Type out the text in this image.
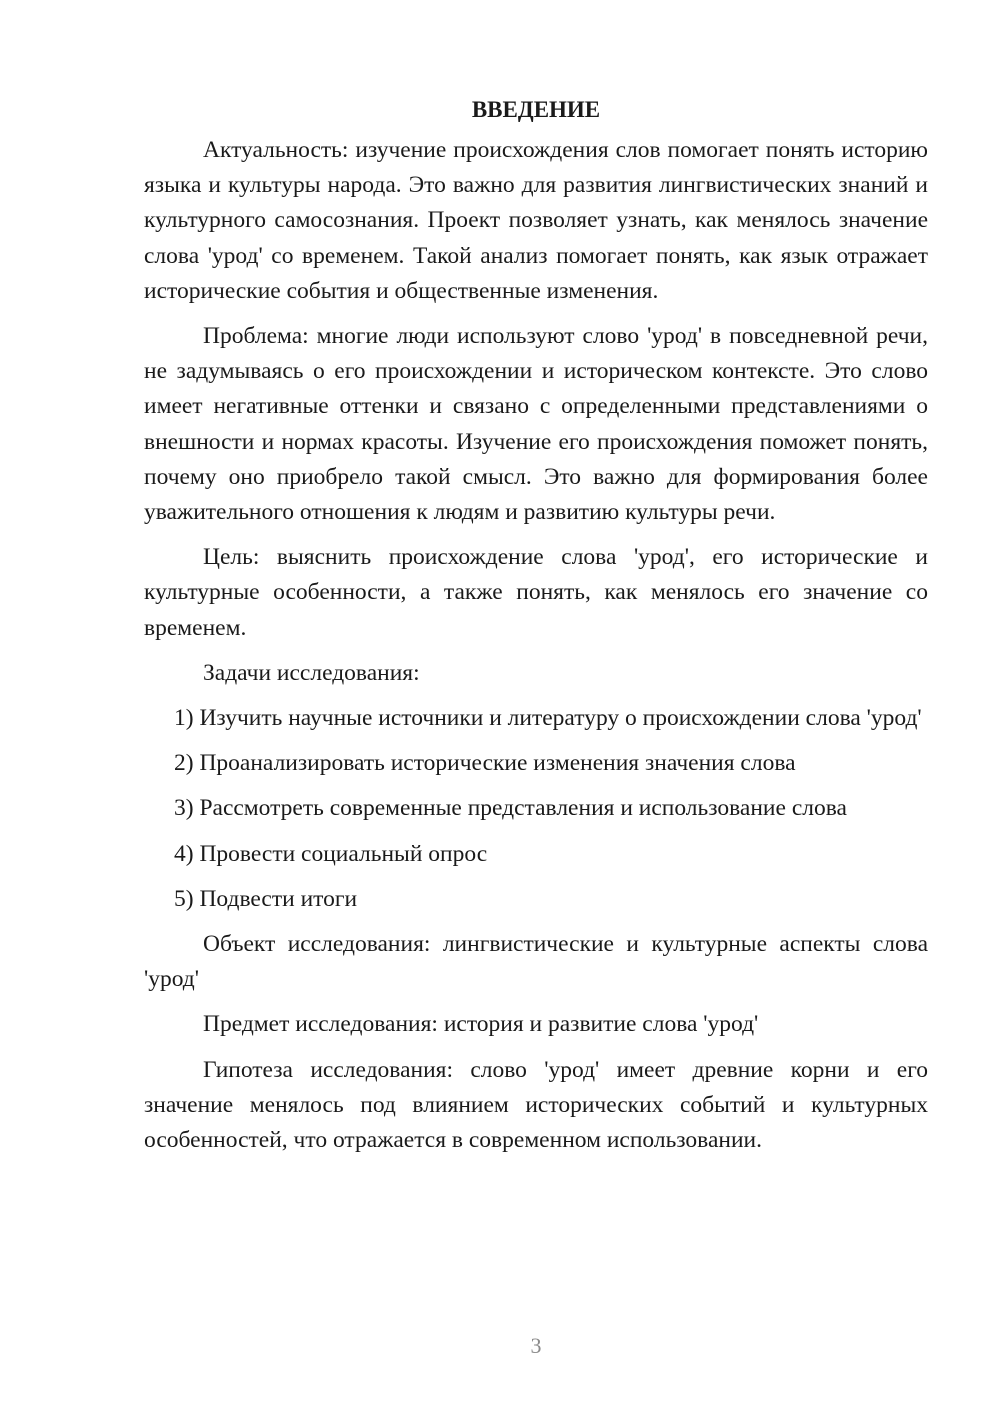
ВВЕДЕНИЕ

Актуальность: изучение происхождения слов помогает понять историю языка и культуры народа. Это важно для развития лингвистических знаний и культурного самосознания. Проект позволяет узнать, как менялось значение слова 'урод' со временем. Такой анализ помогает понять, как язык отражает исторические события и общественные изменения.

Проблема: многие люди используют слово 'урод' в повседневной речи, не задумываясь о его происхождении и историческом контексте. Это слово имеет негативные оттенки и связано с определенными представлениями о внешности и нормах красоты. Изучение его происхождения поможет понять, почему оно приобрело такой смысл. Это важно для формирования более уважительного отношения к людям и развитию культуры речи.

Цель: выяснить происхождение слова 'урод', его исторические и культурные особенности, а также понять, как менялось его значение со временем.

Задачи исследования:

1) Изучить научные источники и литературу о происхождении слова 'урод'

2) Проанализировать исторические изменения значения слова

3) Рассмотреть современные представления и использование слова

4) Провести социальный опрос

5) Подвести итоги

Объект исследования: лингвистические и культурные аспекты слова 'урод'

Предмет исследования: история и развитие слова 'урод'

Гипотеза исследования: слово 'урод' имеет древние корни и его значение менялось под влиянием исторических событий и культурных особенностей, что отражается в современном использовании.

3
